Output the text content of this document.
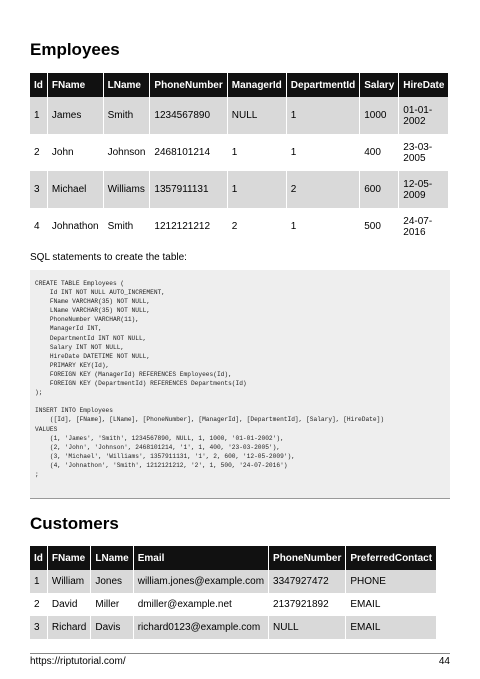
Employees
Id	FName	LName	PhoneNumber	ManagerId	DepartmentId	Salary	HireDate
1	James	Smith	1234567890	NULL	1	1000	01-01-2002
2	John	Johnson	2468101214	1	1	400	23-03-2005
3	Michael	Williams	1357911131	1	2	600	12-05-2009
4	Johnathon	Smith	1212121212	2	1	500	24-07-2016

SQL statements to create the table:

CREATE TABLE Employees (
Id INT NOT NULL AUTO_INCREMENT,
FName VARCHAR(35) NOT NULL,
LName VARCHAR(35) NOT NULL,
PhoneNumber VARCHAR(11),
ManagerId INT,
DepartmentId INT NOT NULL,
Salary INT NOT NULL,
HireDate DATETIME NOT NULL,
PRIMARY KEY(Id),
FOREIGN KEY (ManagerId) REFERENCES Employees(Id),
FOREIGN KEY (DepartmentId) REFERENCES Departments(Id)
);

INSERT INTO Employees
([Id], [FName], [LName], [PhoneNumber], [ManagerId], [DepartmentId], [Salary], [HireDate])
VALUES
(1, 'James', 'Smith', 1234567890, NULL, 1, 1000, '01-01-2002'),
(2, 'John', 'Johnson', 2468101214, '1', 1, 400, '23-03-2005'),
(3, 'Michael', 'Williams', 1357911131, '1', 2, 600, '12-05-2009'),
(4, 'Johnathon', 'Smith', 1212121212, '2', 1, 500, '24-07-2016')
;
Customers
Id	FName	LName	Email	PhoneNumber	PreferredContact
1	William	Jones	william.jones@example.com	3347927472	PHONE
2	David	Miller	dmiller@example.net	2137921892	EMAIL
3	Richard	Davis	richard0123@example.com	NULL	EMAIL
https://riptutorial.com/	44
